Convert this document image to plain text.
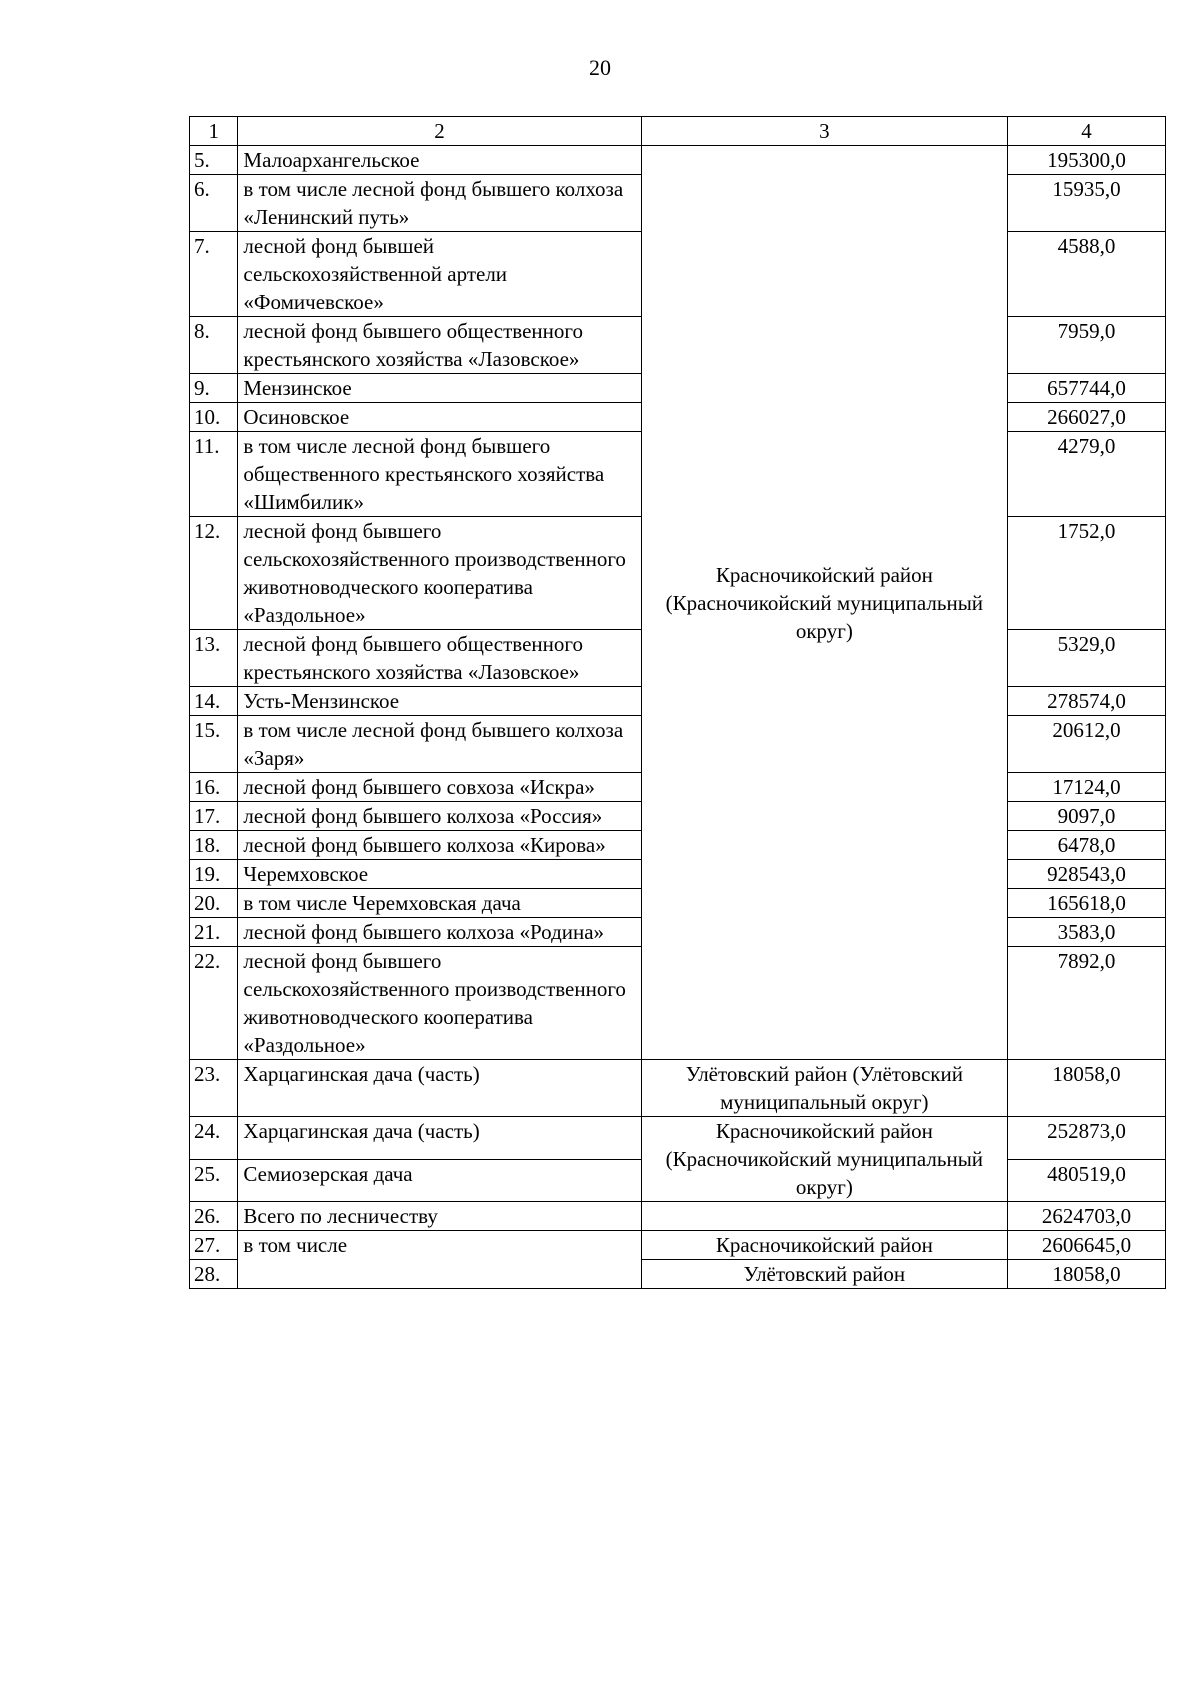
20
1	2	3	4
5.	Малоархангельское	Красночикойский район (Красночикойский муниципальный округ)	195300,0
6.	в том числе лесной фонд бывшего колхоза «Ленинский путь»		15935,0
7.	лесной фонд бывшей сельскохозяйственной артели «Фомичевское»		4588,0
8.	лесной фонд бывшего общественного крестьянского хозяйства «Лазовское»		7959,0
9.	Мензинское		657744,0
10.	Осиновское		266027,0
11.	в том числе лесной фонд бывшего общественного крестьянского хозяйства «Шимбилик»		4279,0
12.	лесной фонд бывшего сельскохозяйственного производственного животноводческого кооператива «Раздольное»		1752,0
13.	лесной фонд бывшего общественного крестьянского хозяйства «Лазовское»		5329,0
14.	Усть-Мензинское		278574,0
15.	в том числе лесной фонд бывшего колхоза «Заря»		20612,0
16.	лесной фонд бывшего совхоза «Искра»		17124,0
17.	лесной фонд бывшего колхоза «Россия»		9097,0
18.	лесной фонд бывшего колхоза «Кирова»		6478,0
19.	Черемховское		928543,0
20.	в том числе Черемховская дача		165618,0
21.	лесной фонд бывшего колхоза «Родина»		3583,0
22.	лесной фонд бывшего сельскохозяйственного производственного животноводческого кооператива «Раздольное»		7892,0
23.	Харцагинская дача (часть)	Улётовский район (Улётовский муниципальный округ)	18058,0
24.	Харцагинская дача (часть)	Красночикойский район (Красночикойский муниципальный округ)	252873,0
25.	Семиозерская дача		480519,0
26.	Всего по лесничеству		2624703,0
27.	в том числе	Красночикойский район	2606645,0
28.		Улётовский район	18058,0
